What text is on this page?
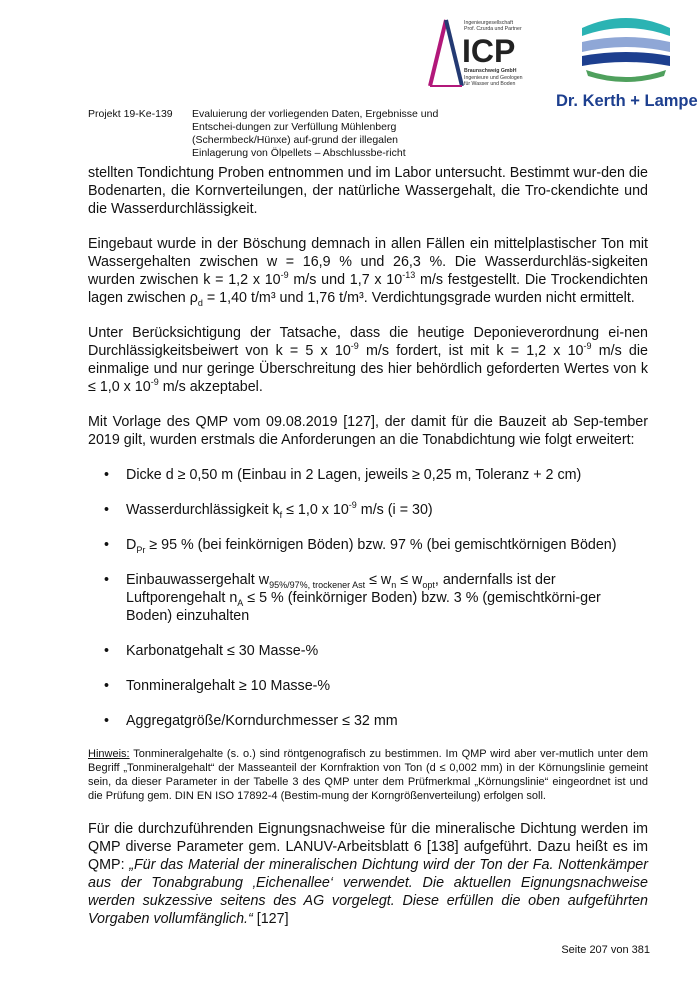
Ingenieurgesellschaft
Prof. Czurda und Partner
ICP
Braunschweig GmbH
Ingenieure und Geologen
für Wasser und Boden
Dr. Kerth + Lampe
Projekt 19-Ke-139 Evaluierung der vorliegenden Daten, Ergebnisse und Entschei-dungen zur Verfüllung Mühlenberg (Schermbeck/Hünxe) auf-grund der illegalen Einlagerung von Ölpellets – Abschlussbe-richt

stellten Tondichtung Proben entnommen und im Labor untersucht. Bestimmt wur-den die Bodenarten, die Kornverteilungen, der natürliche Wassergehalt, die Tro-ckendichte und die Wasserdurchlässigkeit.

Eingebaut wurde in der Böschung demnach in allen Fällen ein mittelplastischer Ton mit Wassergehalten zwischen w = 16,9 % und 26,3 %. Die Wasserdurchläs-sigkeiten wurden zwischen k = 1,2 x $10^{-9}$ m/s und 1,7 x $10^{-13}$ m/s festgestellt. Die Trockendichten lagen zwischen $\rho_d = 1,40$ t/m³ und 1,76 t/m³. Verdichtungsgrade wurden nicht ermittelt.

Unter Berücksichtigung der Tatsache, dass die heutige Deponieverordnung ei-nen Durchlässigkeitsbeiwert von k = 5 x $10^{-9}$ m/s fordert, ist mit k = 1,2 x $10^{-9}$ m/s die einmalige und nur geringe Überschreitung des hier behördlich geforderten Wertes von k ≤ 1,0 x $10^{-9}$ m/s akzeptabel.

Mit Vorlage des QMP vom 09.08.2019 [127], der damit für die Bauzeit ab Sep-tember 2019 gilt, wurden erstmals die Anforderungen an die Tonabdichtung wie folgt erweitert:

• Dicke d ≥ 0,50 m (Einbau in 2 Lagen, jeweils ≥ 0,25 m, Toleranz + 2 cm)
• Wasserdurchlässigkeit $k_f \le 1,0$ x $10^{-9}$ m/s (i = 30)
• $D_{Pr} \ge 95$ % (bei feinkörnigen Böden) bzw. 97 % (bei gemischtkörnigen Böden)
• Einbauwassergehalt $w_{95\%/97\%, trockener Ast} \le w_n \le w_{opt}$, andernfalls ist der Luftporengehalt $n_A \le 5$ % (feinkörniger Boden) bzw. 3 % (gemischtkörni-ger Boden) einzuhalten
• Karbonatgehalt ≤ 30 Masse-%
• Tonmineralgehalt ≥ 10 Masse-%
• Aggregatgröße/Korndurchmesser ≤ 32 mm

Hinweis: Tonmineralgehalte (s. o.) sind röntgenografisch zu bestimmen. Im QMP wird aber ver-mutlich unter dem Begriff „Tonmineralgehalt“ der Masseanteil der Kornfraktion von Ton (d ≤ 0,002 mm) in der Körnungslinie gemeint sein, da dieser Parameter in der Tabelle 3 des QMP unter dem Prüfmerkmal „Körnungslinie“ eingeordnet ist und die Prüfung gem. DIN EN ISO 17892-4 (Bestim-mung der Korngrößenverteilung) erfolgen soll.

Für die durchzuführenden Eignungsnachweise für die mineralische Dichtung werden im QMP diverse Parameter gem. LANUV-Arbeitsblatt 6 [138] aufgeführt. Dazu heißt es im QMP: „Für das Material der mineralischen Dichtung wird der Ton der Fa. Nottenkämper aus der Tonabgrabung ‚Eichenallee‘ verwendet. Die aktuellen Eignungsnachweise werden sukzessive seitens des AG vorgelegt. Diese erfüllen die oben aufgeführten Vorgaben vollumfänglich.“ [127]

Seite 207 von 381
